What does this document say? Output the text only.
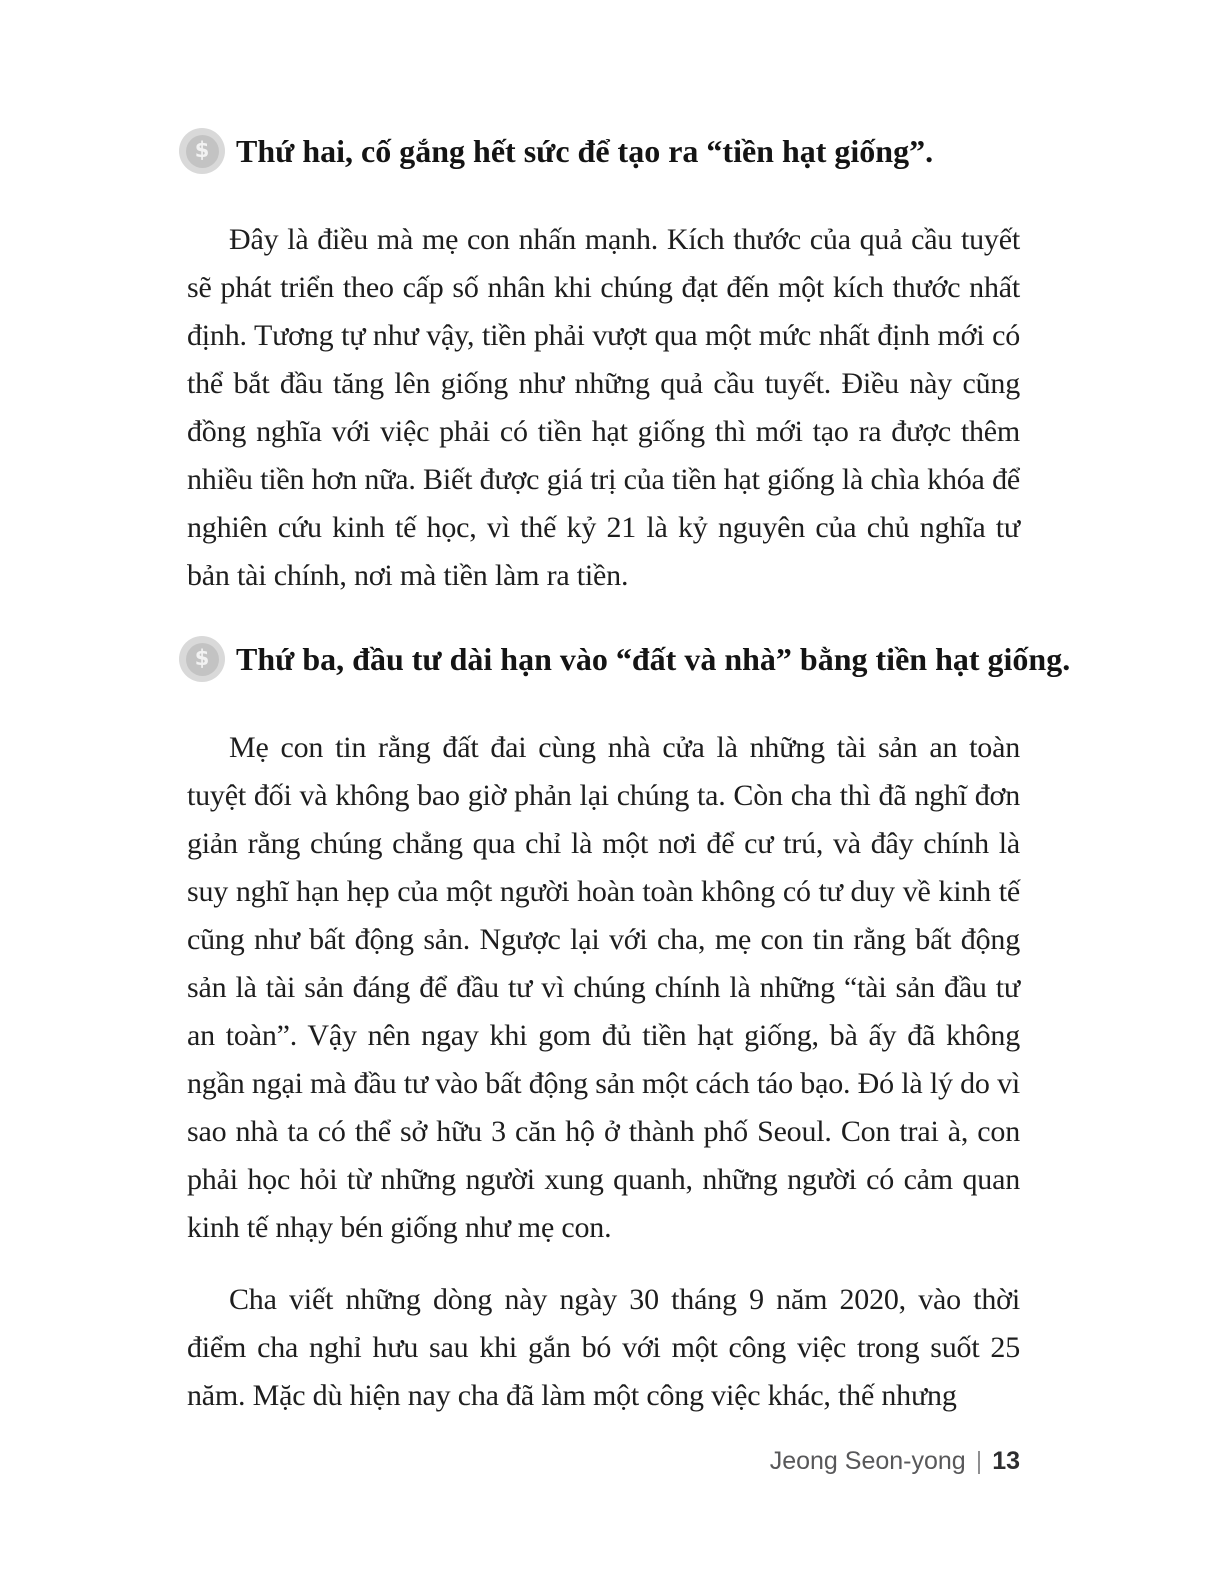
$ Thứ hai, cố gắng hết sức để tạo ra “tiền hạt giống”.

Đây là điều mà mẹ con nhấn mạnh. Kích thước của quả cầu tuyết sẽ phát triển theo cấp số nhân khi chúng đạt đến một kích thước nhất định. Tương tự như vậy, tiền phải vượt qua một mức nhất định mới có thể bắt đầu tăng lên giống như những quả cầu tuyết. Điều này cũng đồng nghĩa với việc phải có tiền hạt giống thì mới tạo ra được thêm nhiều tiền hơn nữa. Biết được giá trị của tiền hạt giống là chìa khóa để nghiên cứu kinh tế học, vì thế kỷ 21 là kỷ nguyên của chủ nghĩa tư bản tài chính, nơi mà tiền làm ra tiền.

$ Thứ ba, đầu tư dài hạn vào “đất và nhà” bằng tiền hạt giống.

Mẹ con tin rằng đất đai cùng nhà cửa là những tài sản an toàn tuyệt đối và không bao giờ phản lại chúng ta. Còn cha thì đã nghĩ đơn giản rằng chúng chẳng qua chỉ là một nơi để cư trú, và đây chính là suy nghĩ hạn hẹp của một người hoàn toàn không có tư duy về kinh tế cũng như bất động sản. Ngược lại với cha, mẹ con tin rằng bất động sản là tài sản đáng để đầu tư vì chúng chính là những “tài sản đầu tư an toàn”. Vậy nên ngay khi gom đủ tiền hạt giống, bà ấy đã không ngần ngại mà đầu tư vào bất động sản một cách táo bạo. Đó là lý do vì sao nhà ta có thể sở hữu 3 căn hộ ở thành phố Seoul. Con trai à, con phải học hỏi từ những người xung quanh, những người có cảm quan kinh tế nhạy bén giống như mẹ con.

Cha viết những dòng này ngày 30 tháng 9 năm 2020, vào thời điểm cha nghỉ hưu sau khi gắn bó với một công việc trong suốt 25 năm. Mặc dù hiện nay cha đã làm một công việc khác, thế nhưng

Jeong Seon-yong | 13
